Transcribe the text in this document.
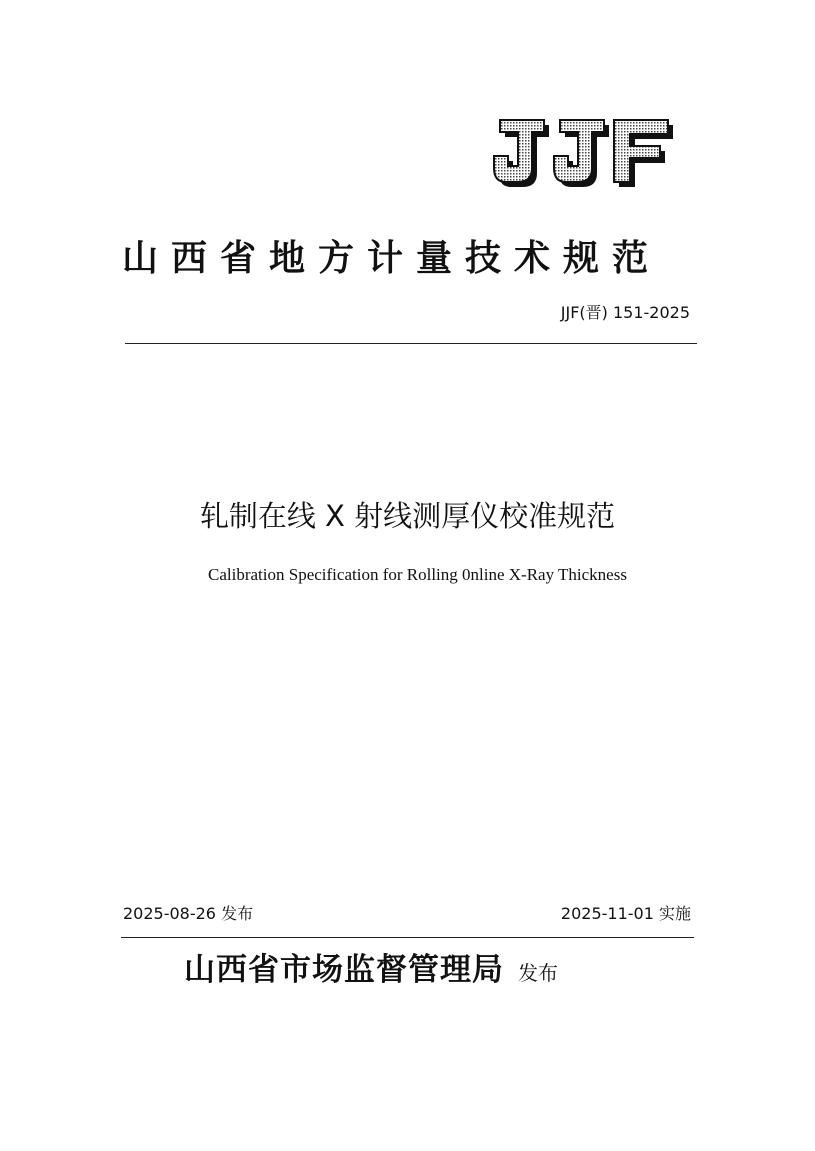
山西省地方计量技术规范
JJF(晋) 151-2025
轧制在线 X 射线测厚仪校准规范
Calibration Specification for Rolling 0nline X-Ray Thickness
2025-08-26 发布	2025-11-01 实施
山西省市场监督管理局 发布
